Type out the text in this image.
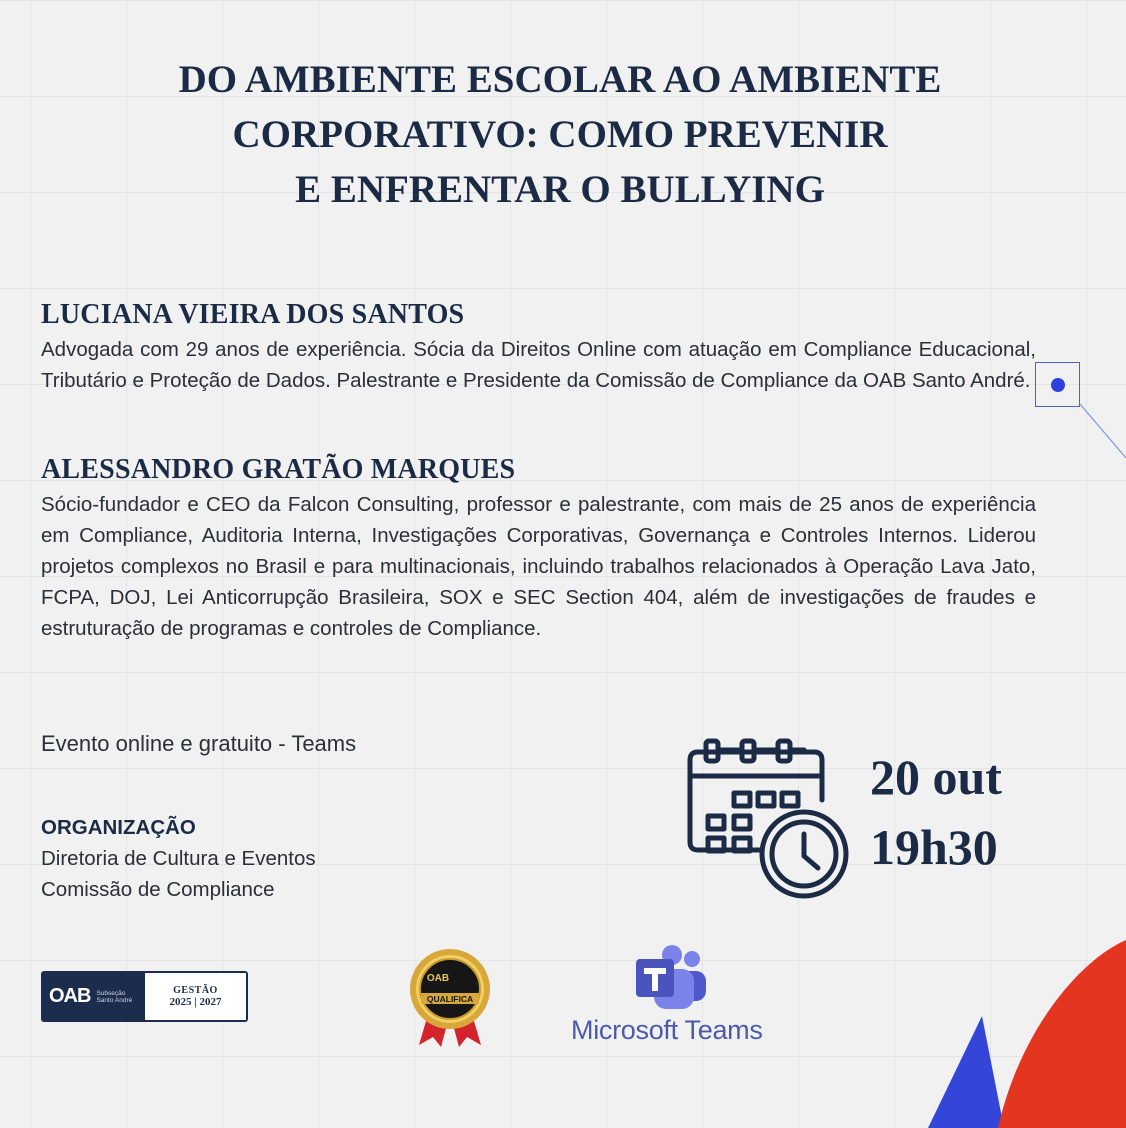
DO AMBIENTE ESCOLAR AO AMBIENTE
CORPORATIVO: COMO PREVENIR
E ENFRENTAR O BULLYING
LUCIANA VIEIRA DOS SANTOS

Advogada com 29 anos de experiência. Sócia da Direitos Online com atuação em Compliance Educacional, Tributário e Proteção de Dados. Palestrante e Presidente da Comissão de Compliance da OAB Santo André.

ALESSANDRO GRATÃO MARQUES

Sócio-fundador e CEO da Falcon Consulting, professor e palestrante, com mais de 25 anos de experiência em Compliance, Auditoria Interna, Investigações Corporativas, Governança e Controles Internos. Liderou projetos complexos no Brasil e para multinacionais, incluindo trabalhos relacionados à Operação Lava Jato, FCPA, DOJ, Lei Anticorrupção Brasileira, SOX e SEC Section 404, além de investigações de fraudes e estruturação de programas e controles de Compliance.

Evento online e gratuito - Teams
ORGANIZAÇÃO
Diretoria de Cultura e Eventos
Comissão de Compliance
20 out
19h30
OAB Subseção
Santo André
GESTÃO
2025 | 2027	QUALIFICA
OAB
Microsoft Teams
